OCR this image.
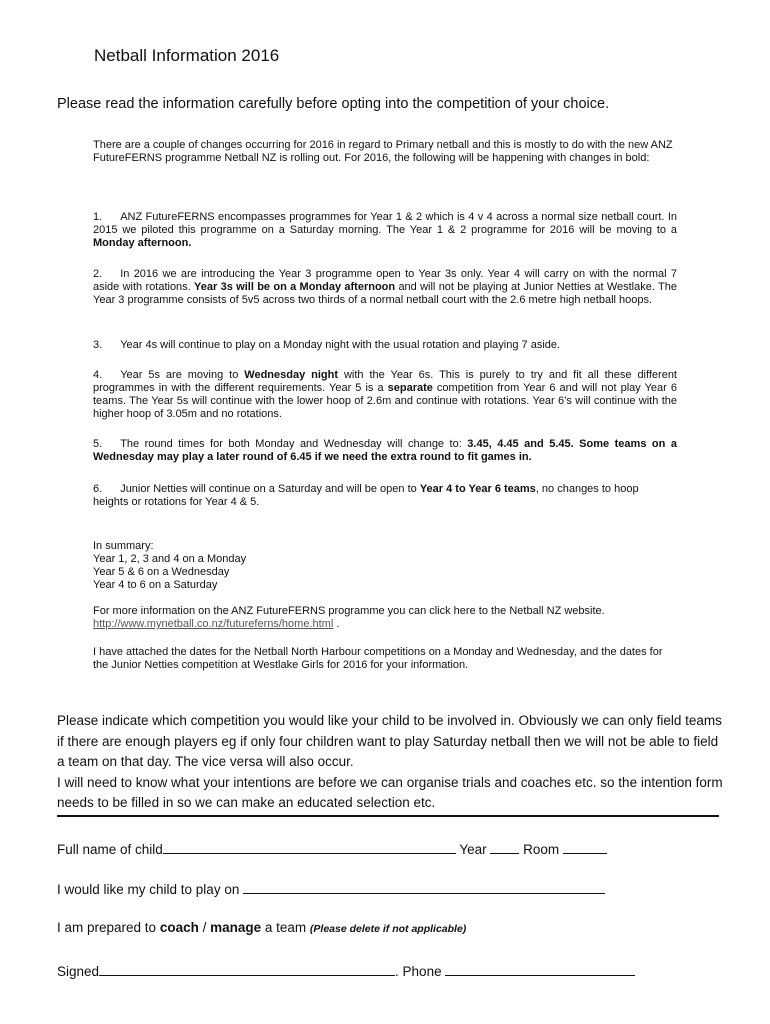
Netball Information 2016
Please read the information carefully before opting into the competition of your choice.
There are a couple of changes occurring for 2016 in regard to Primary netball and this is mostly to do with the new ANZ FutureFERNS programme Netball NZ is rolling out. For 2016, the following will be happening with changes in bold:
1. ANZ FutureFERNS encompasses programmes for Year 1 & 2 which is 4 v 4 across a normal size netball court. In 2015 we piloted this programme on a Saturday morning. The Year 1 & 2 programme for 2016 will be moving to a Monday afternoon.
2. In 2016 we are introducing the Year 3 programme open to Year 3s only. Year 4 will carry on with the normal 7 aside with rotations. Year 3s will be on a Monday afternoon and will not be playing at Junior Netties at Westlake. The Year 3 programme consists of 5v5 across two thirds of a normal netball court with the 2.6 metre high netball hoops.
3. Year 4s will continue to play on a Monday night with the usual rotation and playing 7 aside.
4. Year 5s are moving to Wednesday night with the Year 6s. This is purely to try and fit all these different programmes in with the different requirements. Year 5 is a separate competition from Year 6 and will not play Year 6 teams. The Year 5s will continue with the lower hoop of 2.6m and continue with rotations. Year 6’s will continue with the higher hoop of 3.05m and no rotations.
5. The round times for both Monday and Wednesday will change to: 3.45, 4.45 and 5.45. Some teams on a Wednesday may play a later round of 6.45 if we need the extra round to fit games in.
6. Junior Netties will continue on a Saturday and will be open to Year 4 to Year 6 teams, no changes to hoop heights or rotations for Year 4 & 5.
In summary:
Year 1, 2, 3 and 4 on a Monday
Year 5 & 6 on a Wednesday
Year 4 to 6 on a Saturday
For more information on the ANZ FutureFERNS programme you can click here to the Netball NZ website.  http://www.mynetball.co.nz/futureferns/home.html .
I have attached the dates for the Netball North Harbour competitions on a Monday and Wednesday, and the dates for the Junior Netties competition at Westlake Girls for 2016 for your information.
Please indicate which competition you would like your child to be involved in. Obviously we can only field teams if there are enough players eg if only four children want to play Saturday netball then we will not be able to field a team on that day. The vice versa will also occur.
I will need to know what your intentions are before we can organise trials and coaches etc. so the intention form needs to be filled in so we can make an educated selection etc.
Full name of child	Year	Room
I would like my child to play on
I am prepared to coach / manage a team (Please delete if not applicable)
Signed	. Phone
